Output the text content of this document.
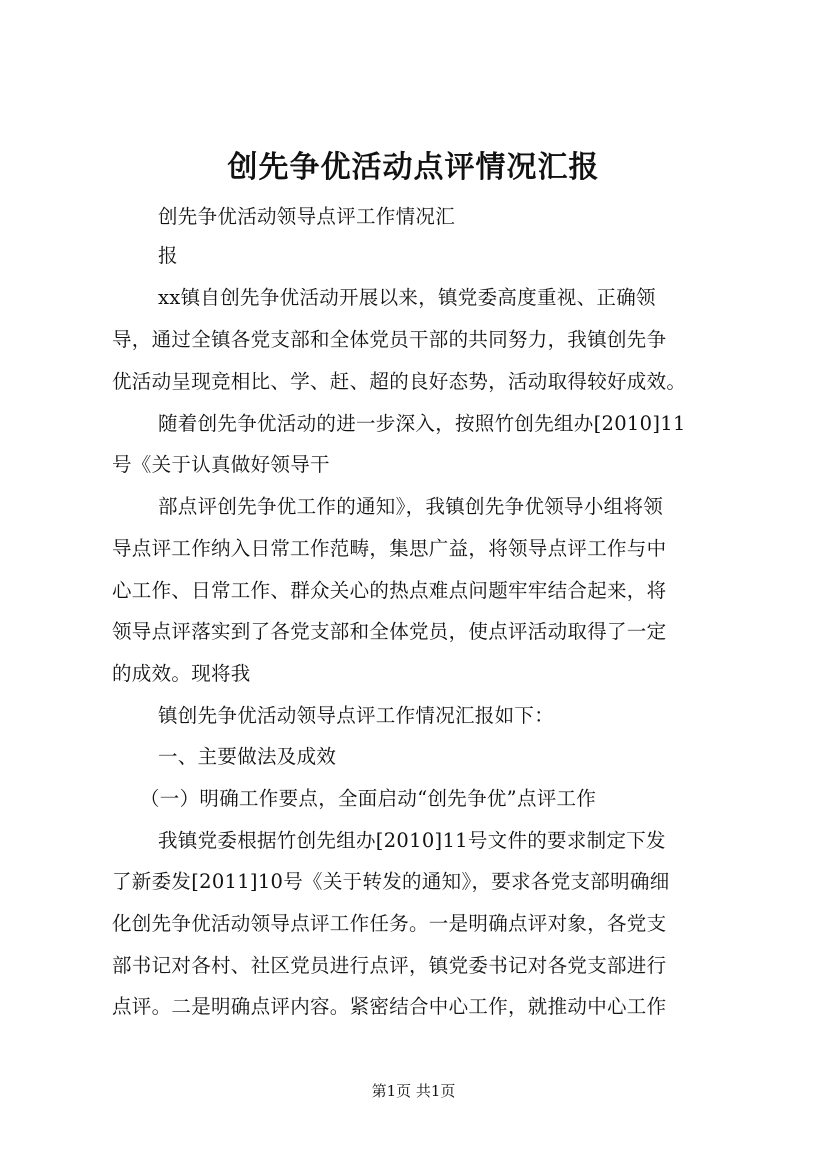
创先争优活动点评情况汇报
创先争优活动领导点评工作情况汇
报
xx镇自创先争优活动开展以来，镇党委高度重视、正确领
导，通过全镇各党支部和全体党员干部的共同努力，我镇创先争
优活动呈现竞相比、学、赶、超的良好态势，活动取得较好成效。
随着创先争优活动的进一步深入，按照竹创先组办[2010]11
号《关于认真做好领导干
部点评创先争优工作的通知》，我镇创先争优领导小组将领
导点评工作纳入日常工作范畴，集思广益，将领导点评工作与中
心工作、日常工作、群众关心的热点难点问题牢牢结合起来，将
领导点评落实到了各党支部和全体党员，使点评活动取得了一定
的成效。现将我
镇创先争优活动领导点评工作情况汇报如下：
一、主要做法及成效
（一）明确工作要点，全面启动“创先争优”点评工作
我镇党委根据竹创先组办[2010]11号文件的要求制定下发
了新委发[2011]10号《关于转发的通知》，要求各党支部明确细
化创先争优活动领导点评工作任务。一是明确点评对象，各党支
部书记对各村、社区党员进行点评，镇党委书记对各党支部进行
点评。二是明确点评内容。紧密结合中心工作，就推动中心工作
第1页 共1页
